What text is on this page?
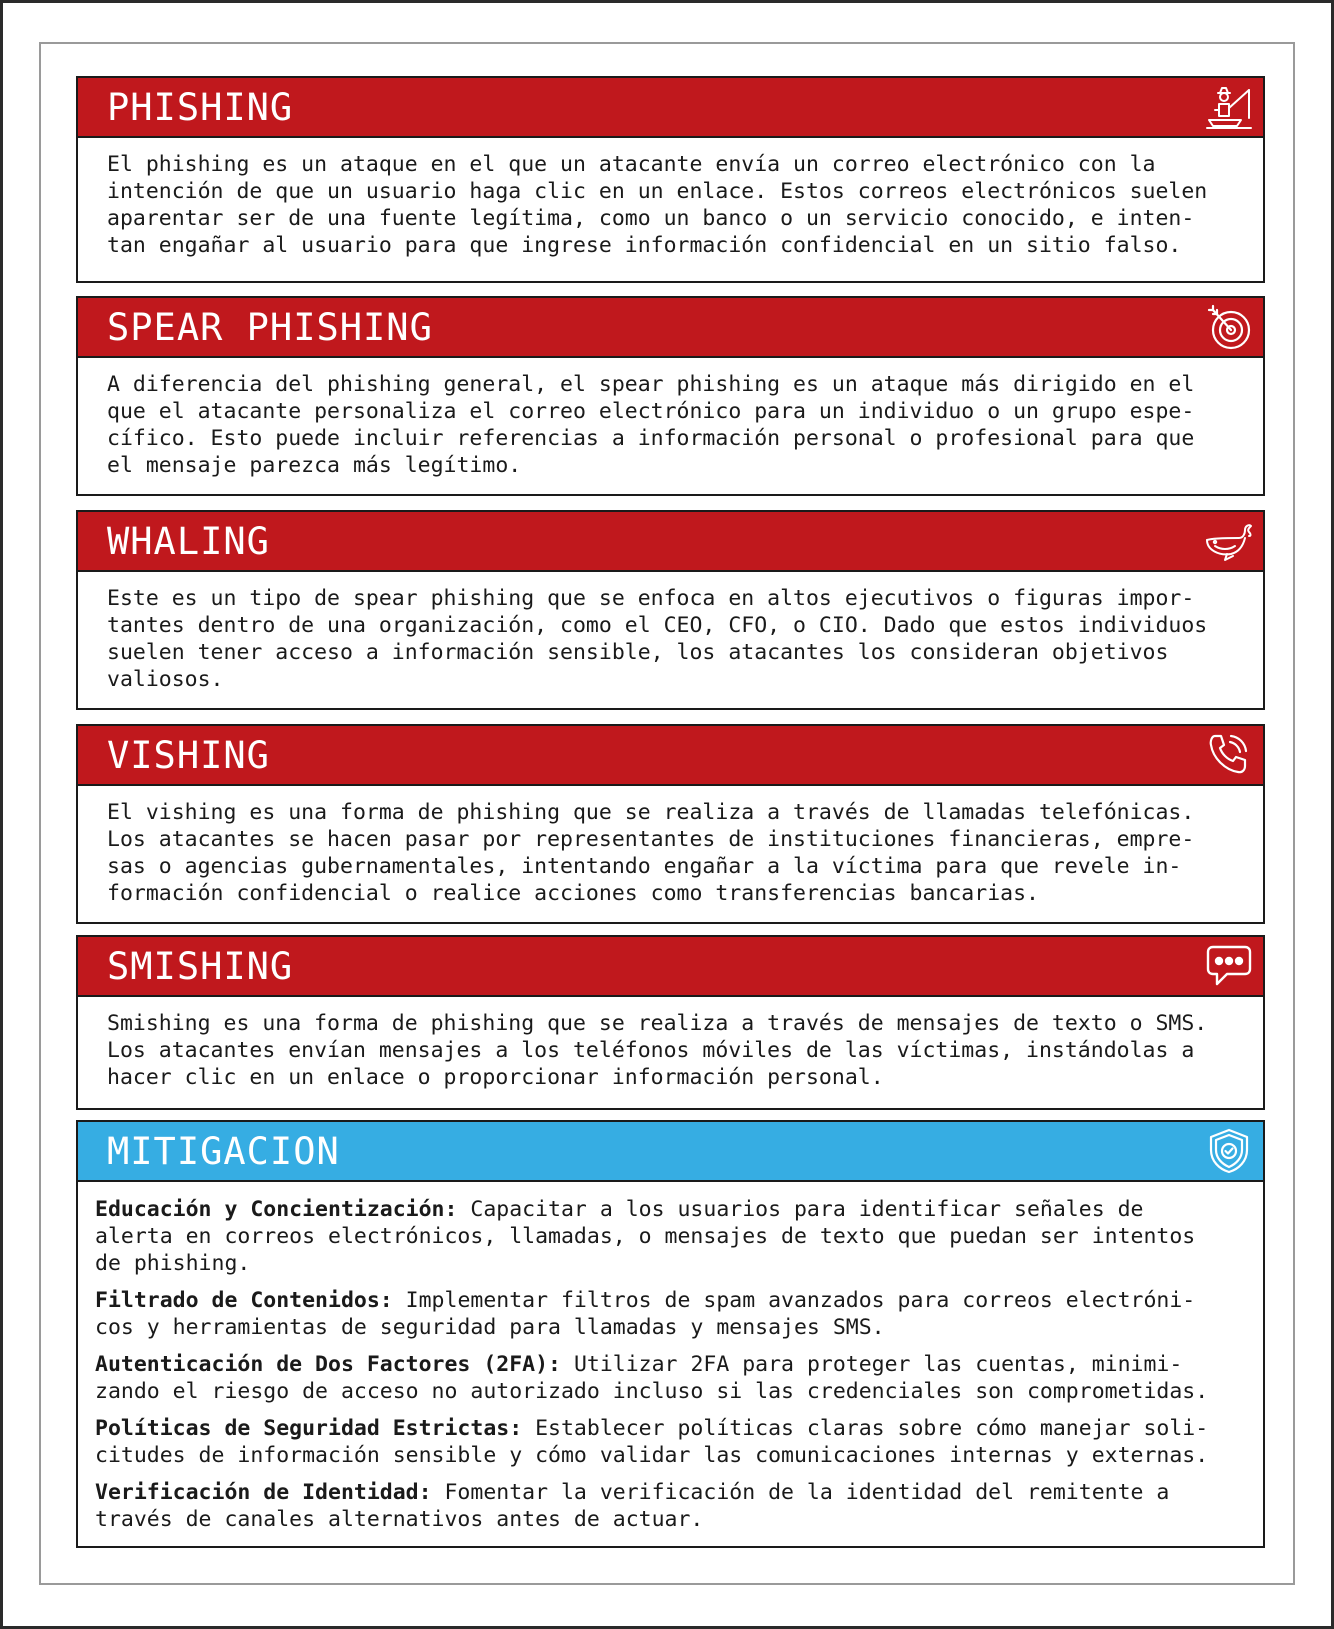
PHISHING
El phishing es un ataque en el que un atacante envía un correo electrónico con la
intención de que un usuario haga clic en un enlace. Estos correos electrónicos suelen
aparentar ser de una fuente legítima, como un banco o un servicio conocido, e inten-
tan engañar al usuario para que ingrese información confidencial en un sitio falso.
SPEAR PHISHING
A diferencia del phishing general, el spear phishing es un ataque más dirigido en el
que el atacante personaliza el correo electrónico para un individuo o un grupo espe-
cífico. Esto puede incluir referencias a información personal o profesional para que
el mensaje parezca más legítimo.
WHALING
Este es un tipo de spear phishing que se enfoca en altos ejecutivos o figuras impor-
tantes dentro de una organización, como el CEO, CFO, o CIO. Dado que estos individuos
suelen tener acceso a información sensible, los atacantes los consideran objetivos
valiosos.
VISHING
El vishing es una forma de phishing que se realiza a través de llamadas telefónicas.
Los atacantes se hacen pasar por representantes de instituciones financieras, empre-
sas o agencias gubernamentales, intentando engañar a la víctima para que revele in-
formación confidencial o realice acciones como transferencias bancarias.
SMISHING
Smishing es una forma de phishing que se realiza a través de mensajes de texto o SMS.
Los atacantes envían mensajes a los teléfonos móviles de las víctimas, instándolas a
hacer clic en un enlace o proporcionar información personal.
MITIGACION
Educación y Concientización: Capacitar a los usuarios para identificar señales de
alerta en correos electrónicos, llamadas, o mensajes de texto que puedan ser intentos
de phishing.
Filtrado de Contenidos: Implementar filtros de spam avanzados para correos electróni-
cos y herramientas de seguridad para llamadas y mensajes SMS.
Autenticación de Dos Factores (2FA): Utilizar 2FA para proteger las cuentas, minimi-
zando el riesgo de acceso no autorizado incluso si las credenciales son comprometidas.
Políticas de Seguridad Estrictas: Establecer políticas claras sobre cómo manejar soli-
citudes de información sensible y cómo validar las comunicaciones internas y externas.
Verificación de Identidad: Fomentar la verificación de la identidad del remitente a
través de canales alternativos antes de actuar.
